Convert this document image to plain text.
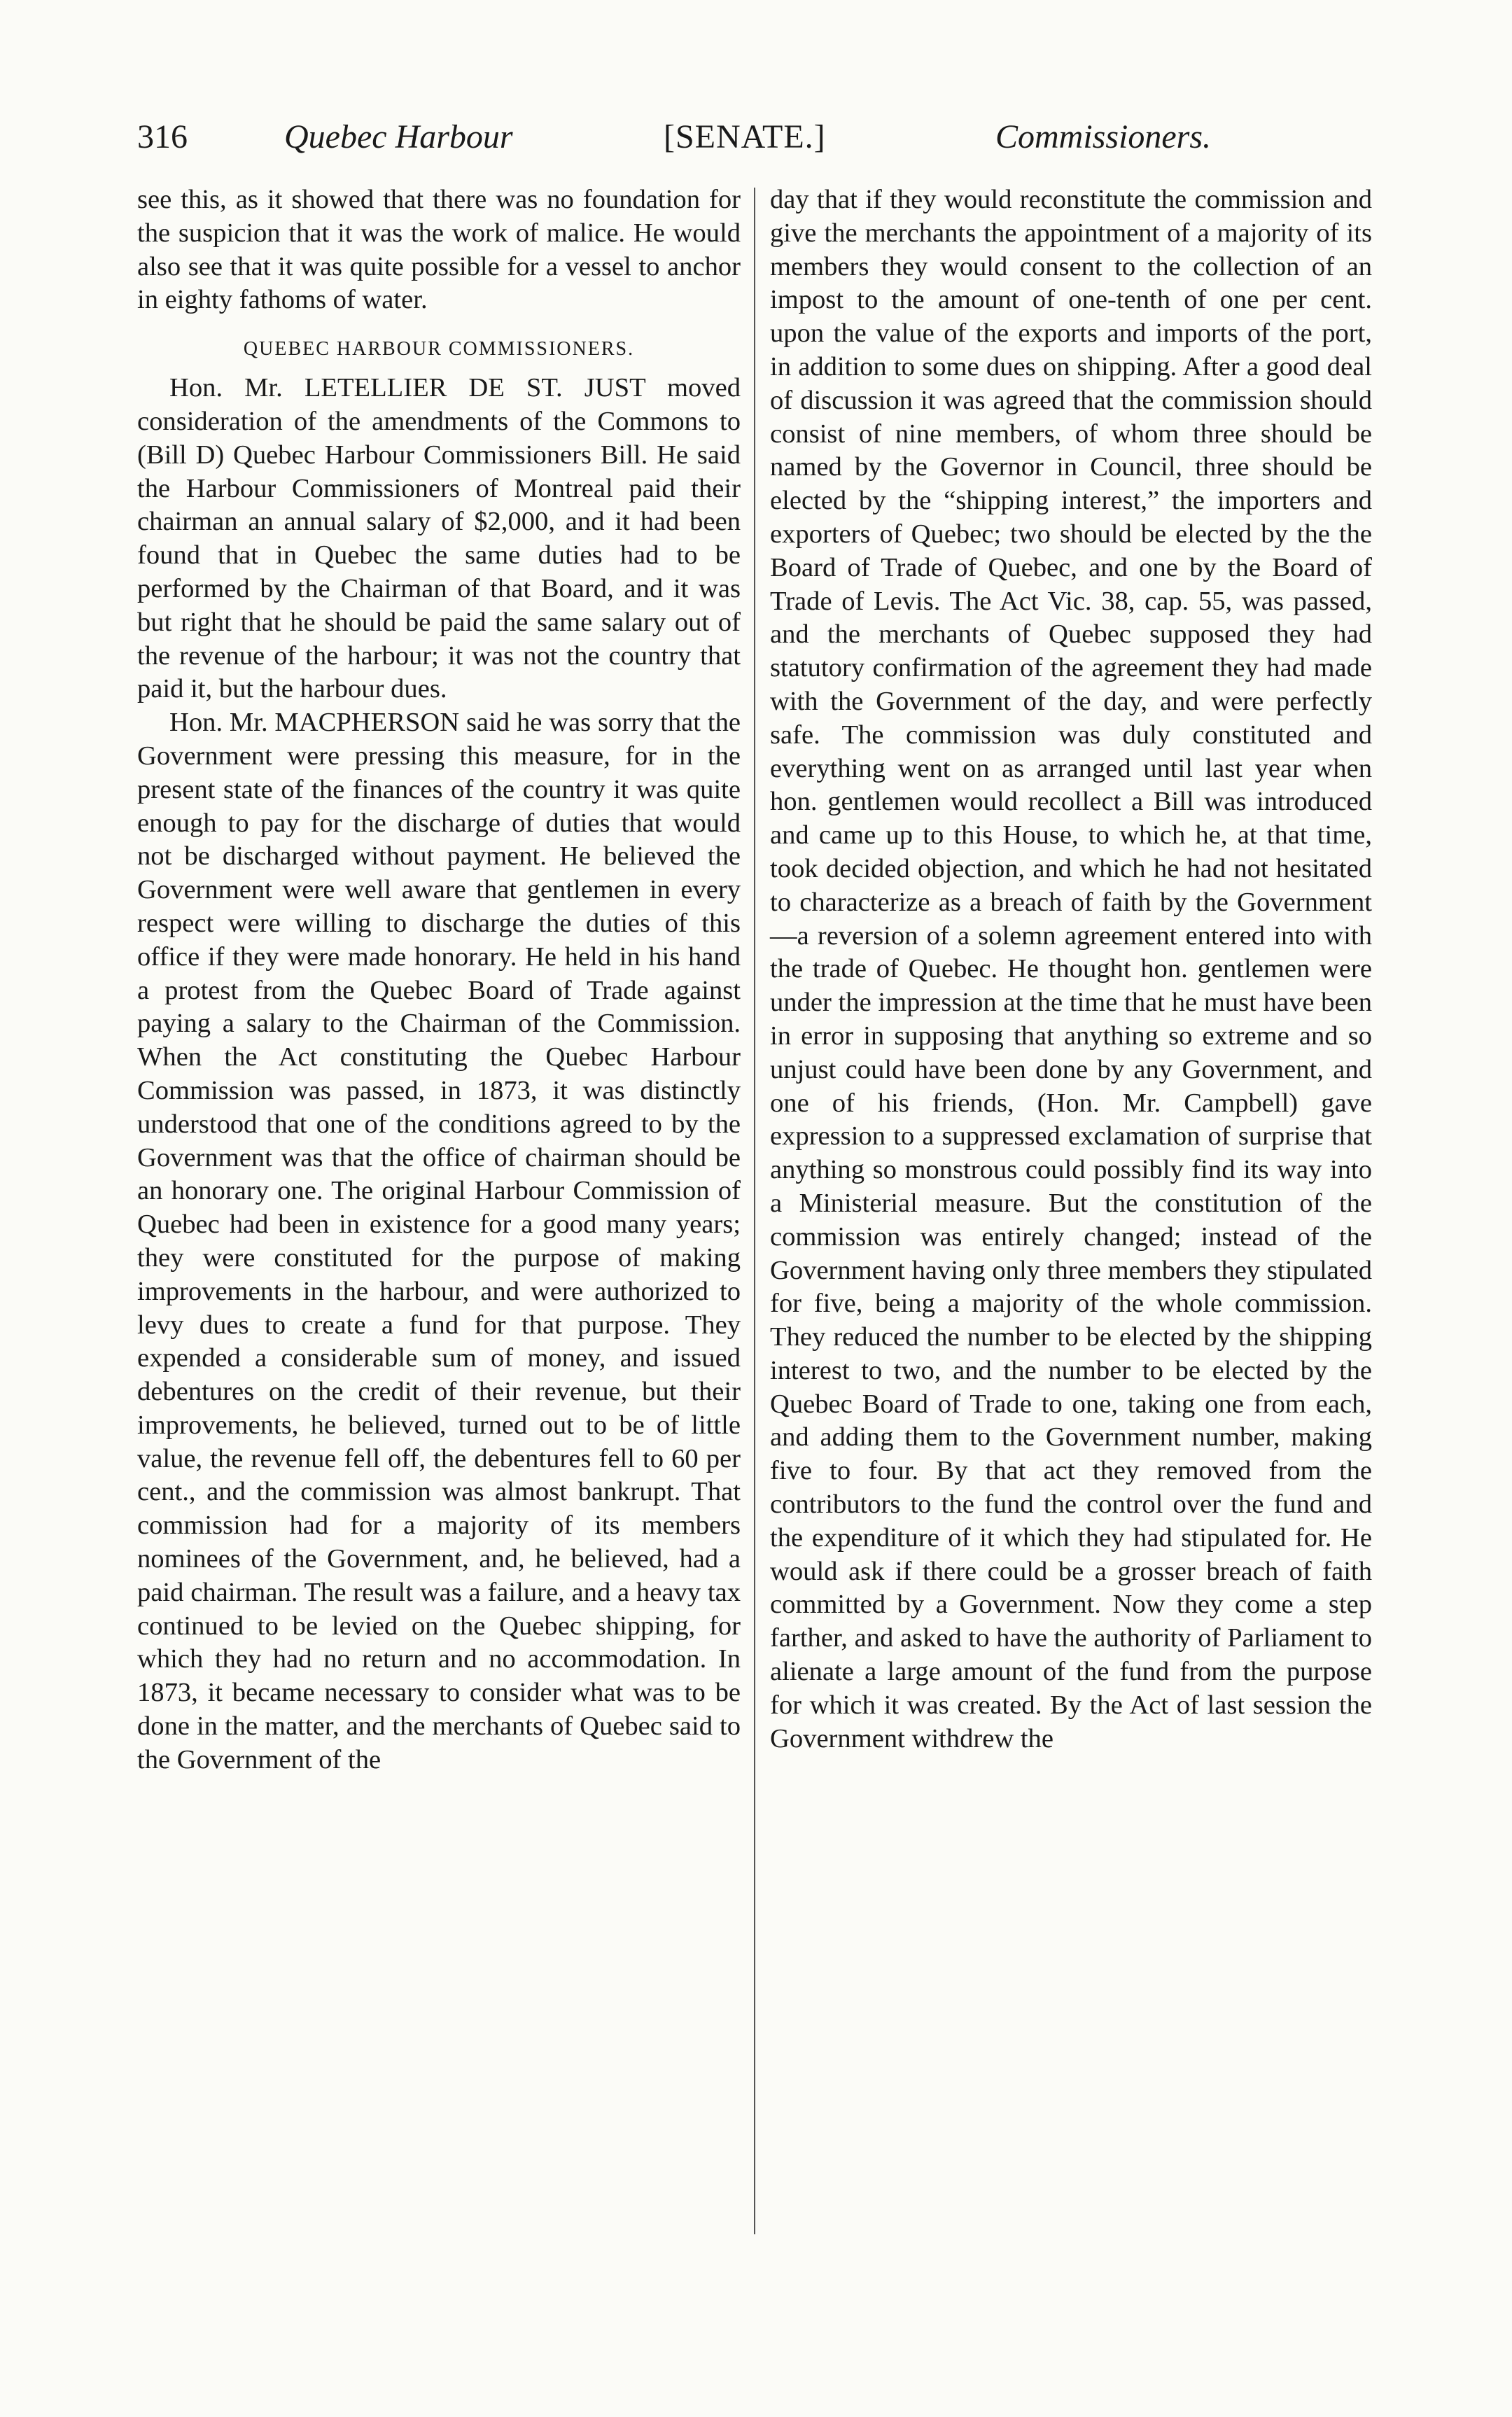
316	Quebec Harbour	[SENATE.]	Commissioners.

see this, as it showed that there was no foundation for the suspicion that it was the work of malice. He would also see that it was quite possible for a vessel to anchor in eighty fathoms of water.

QUEBEC HARBOUR COMMISSIONERS.

Hon. Mr. LETELLIER DE ST. JUST moved consideration of the amendments of the Commons to (Bill D) Quebec Harbour Commissioners Bill. He said the Harbour Commissioners of Montreal paid their chairman an annual salary of $2,000, and it had been found that in Quebec the same duties had to be performed by the Chairman of that Board, and it was but right that he should be paid the same salary out of the revenue of the harbour; it was not the country that paid it, but the harbour dues.

Hon. Mr. MACPHERSON said he was sorry that the Government were pressing this measure, for in the present state of the finances of the country it was quite enough to pay for the discharge of duties that would not be discharged without payment. He believed the Government were well aware that gentlemen in every respect were willing to discharge the duties of this office if they were made honorary. He held in his hand a protest from the Quebec Board of Trade against paying a salary to the Chairman of the Commission. When the Act constituting the Quebec Harbour Commission was passed, in 1873, it was distinctly understood that one of the conditions agreed to by the Government was that the office of chairman should be an honorary one. The original Harbour Commission of Quebec had been in existence for a good many years; they were constituted for the purpose of making improvements in the harbour, and were authorized to levy dues to create a fund for that purpose. They expended a considerable sum of money, and issued debentures on the credit of their revenue, but their improvements, he believed, turned out to be of little value, the revenue fell off, the debentures fell to 60 per cent., and the commission was almost bankrupt. That commission had for a majority of its members nominees of the Government, and, he believed, had a paid chairman. The result was a failure, and a heavy tax continued to be levied on the Quebec shipping, for which they had no return and no accommodation. In 1873, it became necessary to consider what was to be done in the matter, and the merchants of Quebec said to the Government of the

day that if they would reconstitute the commission and give the merchants the appointment of a majority of its members they would consent to the collection of an impost to the amount of one-tenth of one per cent. upon the value of the exports and imports of the port, in addition to some dues on shipping. After a good deal of discussion it was agreed that the commission should consist of nine members, of whom three should be named by the Governor in Council, three should be elected by the “shipping interest,” the importers and exporters of Quebec; two should be elected by the the Board of Trade of Quebec, and one by the Board of Trade of Levis. The Act Vic. 38, cap. 55, was passed, and the merchants of Quebec supposed they had statutory confirmation of the agreement they had made with the Government of the day, and were perfectly safe. The commission was duly constituted and everything went on as arranged until last year when hon. gentlemen would recollect a Bill was introduced and came up to this House, to which he, at that time, took decided objection, and which he had not hesitated to characterize as a breach of faith by the Government—a reversion of a solemn agreement entered into with the trade of Quebec. He thought hon. gentlemen were under the impression at the time that he must have been in error in supposing that anything so extreme and so unjust could have been done by any Government, and one of his friends, (Hon. Mr. Campbell) gave expression to a suppressed exclamation of surprise that anything so monstrous could possibly find its way into a Ministerial measure. But the constitution of the commission was entirely changed; instead of the Government having only three members they stipulated for five, being a majority of the whole commission. They reduced the number to be elected by the shipping interest to two, and the number to be elected by the Quebec Board of Trade to one, taking one from each, and adding them to the Government number, making five to four. By that act they removed from the contributors to the fund the control over the fund and the expenditure of it which they had stipulated for. He would ask if there could be a grosser breach of faith committed by a Government. Now they come a step farther, and asked to have the authority of Parliament to alienate a large amount of the fund from the purpose for which it was created. By the Act of last session the Government withdrew the
